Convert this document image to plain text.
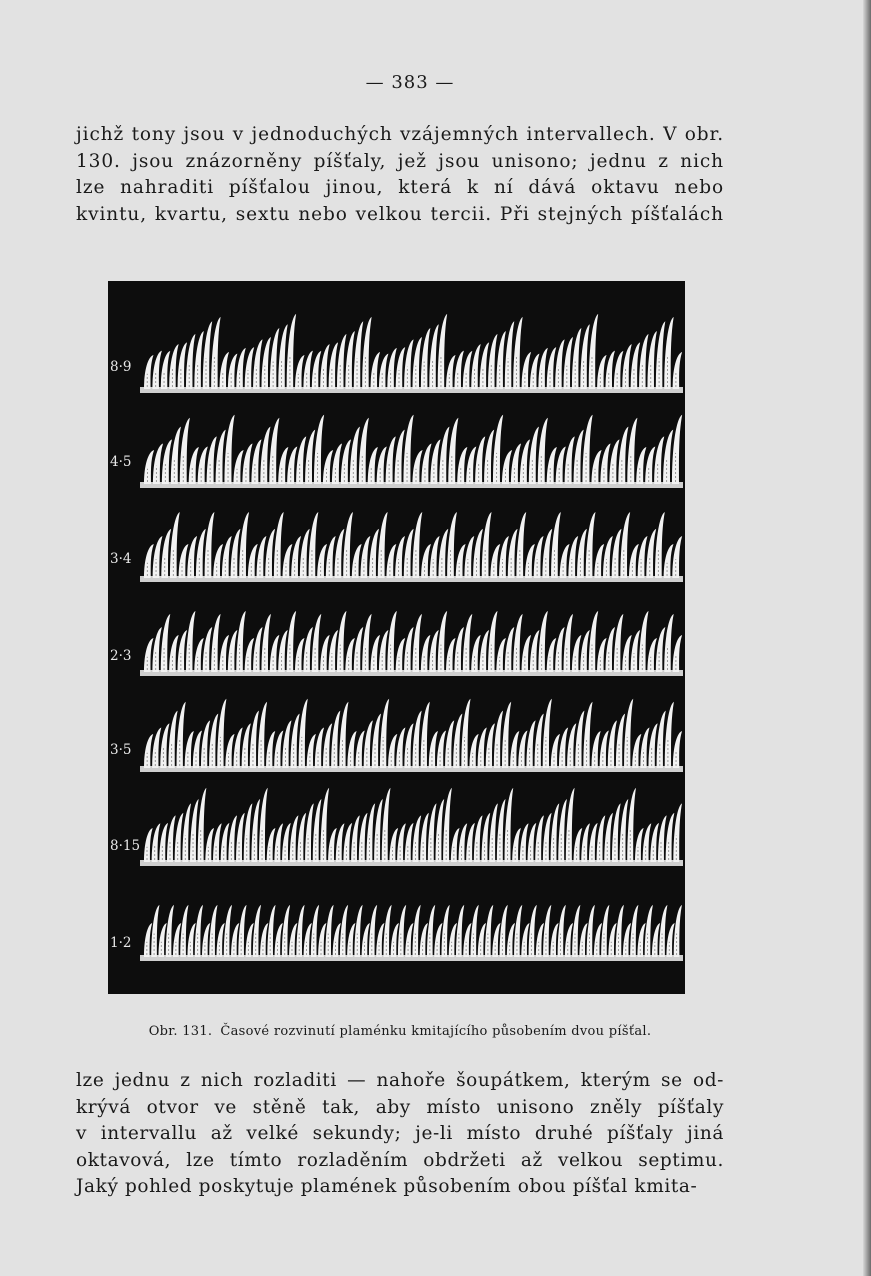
— 383 —

jichž tony jsou v jednoduchých vzájemných intervallech. V obr.
130. jsou znázorněny píšťaly, jež jsou unisono; jednu z nich
lze nahraditi píšťalou jinou, která k ní dává oktavu nebo
kvintu, kvartu, sextu nebo velkou tercii. Při stejných píšťalách

8·9
4·5
3·4
2·3
3·5
8·15
1·2
Obr. 131. Časové rozvinutí plaménku kmitajícího působením dvou píšťal.

lze jednu z nich rozladiti — nahoře šoupátkem, kterým se od-
krývá otvor ve stěně tak, aby místo unisono zněly píšťaly
v intervallu až velké sekundy; je-li místo druhé píšťaly jiná
oktavová, lze tímto rozladěním obdržeti až velkou septimu.
Jaký pohled poskytuje plamének působením obou píšťal kmita-
